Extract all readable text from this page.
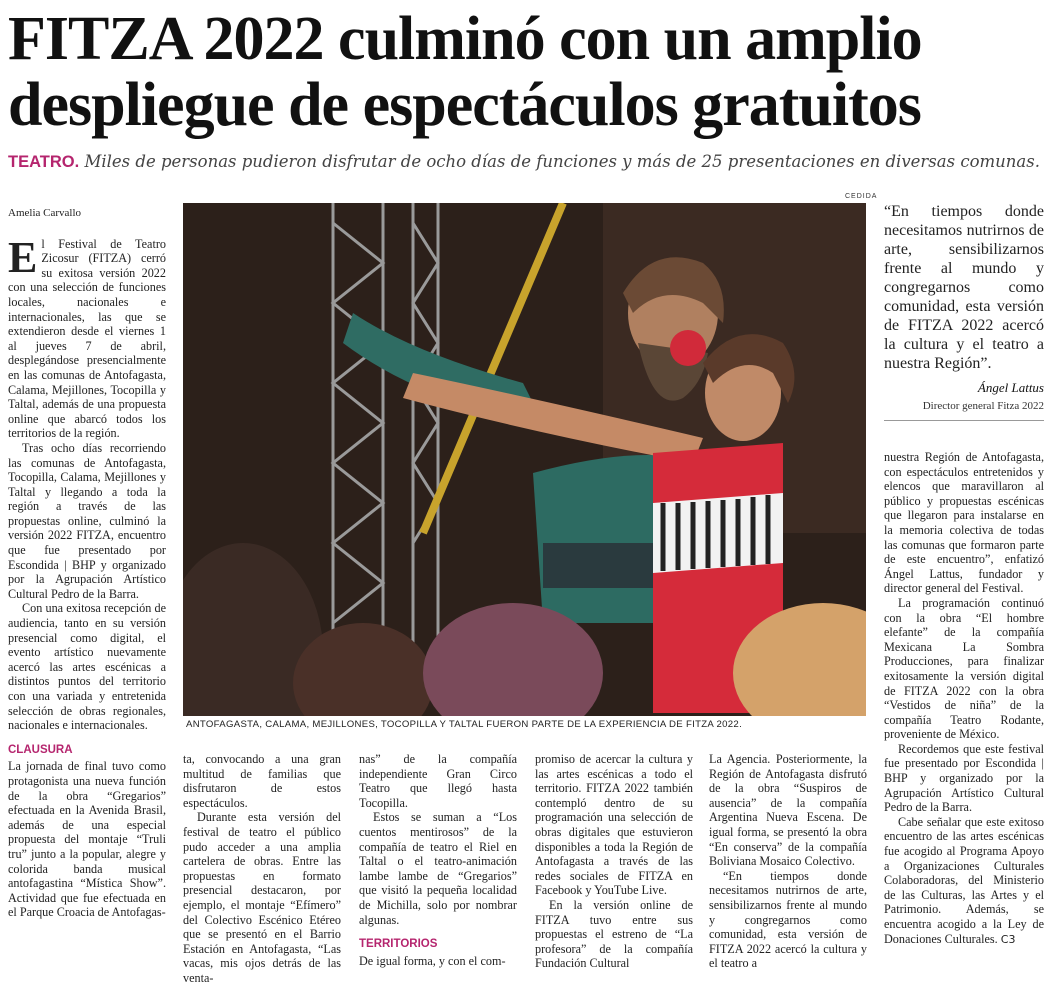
FITZA 2022 culminó con un amplio despliegue de espectáculos gratuitos
TEATRO. Miles de personas pudieron disfrutar de ocho días de funciones y más de 25 presentaciones en diversas comunas.
CEDIDA
Amelia Carvallo

El Festival de Teatro Zicosur (FITZA) cerró su exitosa versión 2022 con una selección de funciones locales, nacionales e internacionales, las que se extendieron desde el viernes 1 al jueves 7 de abril, desplegándose presencialmente en las comunas de Antofagasta, Calama, Mejillones, Tocopilla y Taltal, además de una propuesta online que abarcó todos los territorios de la región.

Tras ocho días recorriendo las comunas de Antofagasta, Tocopilla, Calama, Mejillones y Taltal y llegando a toda la región a través de las propuestas online, culminó la versión 2022 FITZA, encuentro que fue presentado por Escondida | BHP y organizado por la Agrupación Artístico Cultural Pedro de la Barra.

Con una exitosa recepción de audiencia, tanto en su versión presencial como digital, el evento artístico nuevamente acercó las artes escénicas a distintos puntos del territorio con una variada y entretenida selección de obras regionales, nacionales e internacionales.

CLAUSURA

La jornada de final tuvo como protagonista una nueva función de la obra “Gregarios” efectuada en la Avenida Brasil, además de una especial propuesta del montaje “Truli tru” junto a la popular, alegre y colorida banda musical antofagastina “Mística Show”. Actividad que fue efectuada en el Parque Croacia de Antofagas-

ANTOFAGASTA, CALAMA, MEJILLONES, TOCOPILLA Y TALTAL FUERON PARTE DE LA EXPERIENCIA DE FITZA 2022.
“En tiempos donde necesitamos nutrirnos de arte, sensibilizarnos frente al mundo y congregarnos como comunidad, esta versión de FITZA 2022 acercó la cultura y el teatro a nuestra Región”.
Ángel Lattus
Director general Fitza 2022

ta, convocando a una gran multitud de familias que disfrutaron de estos espectáculos.

Durante esta versión del festival de teatro el público pudo acceder a una amplia cartelera de obras. Entre las propuestas en formato presencial destacaron, por ejemplo, el montaje “Efímero” del Colectivo Escénico Etéreo que se presentó en el Barrio Estación en Antofagasta, “Las vacas, mis ojos detrás de las venta-

nas” de la compañía independiente Gran Circo Teatro que llegó hasta Tocopilla.

Estos se suman a “Los cuentos mentirosos” de la compañía de teatro el Riel en Taltal o el teatro-animación lambe lambe de “Gregarios” que visitó la pequeña localidad de Michilla, solo por nombrar algunas.

TERRITORIOS

De igual forma, y con el com-

promiso de acercar la cultura y las artes escénicas a todo el territorio. FITZA 2022 también contempló dentro de su programación una selección de obras digitales que estuvieron disponibles a toda la Región de Antofagasta a través de las redes sociales de FITZA en Facebook y YouTube Live.

En la versión online de FITZA tuvo entre sus propuestas el estreno de “La profesora” de la compañía Fundación Cultural

La Agencia. Posteriormente, la Región de Antofagasta disfrutó de la obra “Suspiros de ausencia” de la compañía Argentina Nueva Escena. De igual forma, se presentó la obra “En conserva” de la compañía Boliviana Mosaico Colectivo.

“En tiempos donde necesitamos nutrirnos de arte, sensibilizarnos frente al mundo y congregarnos como comunidad, esta versión de FITZA 2022 acercó la cultura y el teatro a

nuestra Región de Antofagasta, con espectáculos entretenidos y elencos que maravillaron al público y propuestas escénicas que llegaron para instalarse en la memoria colectiva de todas las comunas que formaron parte de este encuentro”, enfatizó Ángel Lattus, fundador y director general del Festival.

La programación continuó con la obra “El hombre elefante” de la compañía Mexicana La Sombra Producciones, para finalizar exitosamente la versión digital de FITZA 2022 con la obra “Vestidos de niña” de la compañía Teatro Rodante, proveniente de México.

Recordemos que este festival fue presentado por Escondida | BHP y organizado por la Agrupación Artístico Cultural Pedro de la Barra.

Cabe señalar que este exitoso encuentro de las artes escénicas fue acogido al Programa Apoyo a Organizaciones Culturales Colaboradoras, del Ministerio de las Culturas, las Artes y el Patrimonio. Además, se encuentra acogido a la Ley de Donaciones Culturales. C3
